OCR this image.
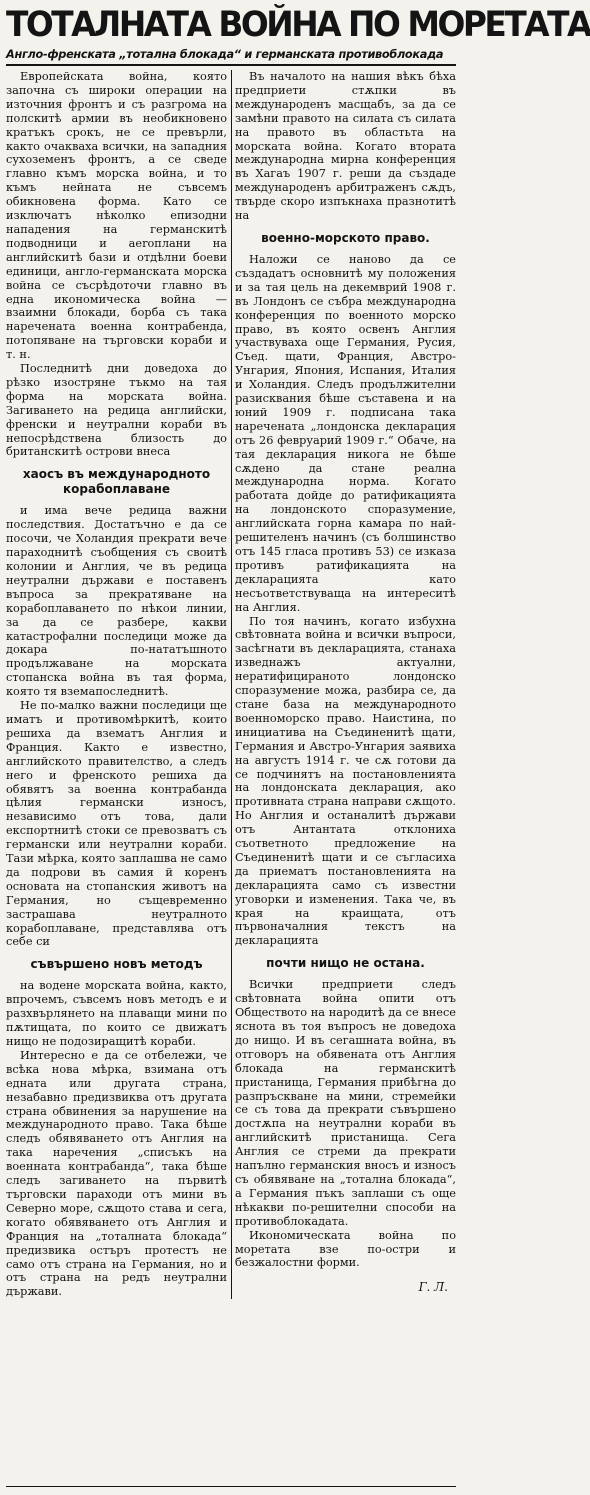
ТОТАЛНАТА ВОЙНА ПО МОРЕТАТА
Англо-френската „тотална блокада“ и германската противоблокада

Европейската война, която започна съ широки операции на източния фронтъ и съ разгрома на полскитѣ армии въ необикновено кратъкъ срокъ, не се превърли, както очакваха всички, на западния сухоземенъ фронтъ, а се сведе главно къмъ морска война, и то къмъ нейната не съвсемъ обикновена форма. Като се изключатъ нѣколко епизодни нападения на германскитѣ подводници и аеroплани на английскитѣ бази и отдѣлни боеви единици, англо-германската морска война се съсрѣдоточи главно въ една икономическа война — взаимни блокади, борба съ така наречената военна контрабенда, потопяване на търговски кораби и т. н.

Последнитѣ дни доведоха до рѣзко изостряне тъкмо на тая форма на морската война. Загиването на редица английски, френски и неутрални кораби въ непосрѣдствена близость до британскитѣ острови внеса

хаосъ въ международното корабоплаване

и има вече редица важни последствия. Достатъчно е да се посочи, че Холандия прекрати вече параходнитѣ съобщения съ своитѣ колонии и Англия, че въ редица неутрални държави е поставенъ въпроса за прекратяване на корабоплаването по нѣкои линии, за да се разбере, какви катастрофални последици може да докара по-нататъшното продължаване на морската стопанска война въ тая форма, която тя вземапоследнитѣ.

Не по-малко важни последици ще иматъ и противомѣркитѣ, които решиха да взематъ Англия и Франция. Както е известно, английското правителство, а следъ него и френското решиха да обявятъ за военна контрабанда цѣлия германски износъ, независимо отъ това, дали експортнитѣ стоки се превозватъ съ германски или неутрални кораби. Тази мѣрка, която заплашва не само да подрови въ самия й коренъ основата на стопанския животъ на Германия, но същевременно застрашава неутралното корабоплаване, представлява отъ себе си

съвършено новъ методъ

на водене морската война, както, впрочемъ, съвсемъ новъ методъ е и разхвърлянето на плаващи мини по пѫтищата, по които се движатъ нищо не подозиращитѣ кораби.

Интересно е да се отбележи, че всѣка нова мѣрка, взимана отъ едната или другата страна, незабавно предизвиква отъ другата страна обвинения за нарушение на международното право. Така бѣше следъ обявяването отъ Англия на така наречения „списъкъ на военната контрабанда“, така бѣше следъ загиването на първитѣ търговски параходи отъ мини въ Северно море, сѫщото става и сега, когато обявяването отъ Англия и Франция на „тоталната блокада“ предизвика остъръ протестъ не само отъ страна на Германия, но и отъ страна на редъ неутрални държави.

Въ началото на нашия вѣкъ бѣха предприети стѫпки въ международенъ масщабъ, за да се замѣни правото на силата съ силата на правото въ областьта на морската война. Когато втората международна мирна конференция въ Хагаъ 1907 г. реши да създаде международенъ арбитраженъ сѫдъ, твърде скоро изпъкнаха празнотитѣ на

военно-морското право.

Наложи се наново да се създадатъ основнитѣ му положения и за тая цель на декемврий 1908 г. въ Лондонъ се събра международна конференция по военното морско право, въ която освенъ Англия участвуваха още Германия, Русия, Съед. щати, Франция, Австро-Унгария, Япония, Испания, Италия и Холандия. Следъ продължителни разисквания бѣше съставена и на юний 1909 г. подписана така наречената „лондонска декларация отъ 26 февруарий 1909 г.“ Обаче, на тая декларация никога не бѣше сѫдено да стане реална международна норма. Когато работата дойде до ратификацията на лондонското споразумение, английската горна камара по най-решителенъ начинъ (съ болшинство отъ 145 гласа противъ 53) се изказа противъ ратификацията на декларацията като несъответствуваща на интереситѣ на Англия.

По тоя начинъ, когато избухна свѣтовната война и всички въпроси, засѣгнати въ декларацията, станаха изведнажъ актуални, нератифицираното лондонско споразумение можа, разбира се, да стане база на международното военноморско право. Наистина, по инициатива на Съединенитѣ щати, Германия и Австро-Унгария заявиха на августъ 1914 г. че сѫ готови да се подчинятъ на постановленията на лондонската декларация, ако противната страна направи сѫщото. Но Англия и останалитѣ държави отъ Антантата отклониха съответното предложение на Съединенитѣ щати и се съгласиха да приематъ постановленията на декларацията само съ известни уговорки и изменения. Така че, въ края на краищата, отъ първоначалния текстъ на декларацията

почти нищо не остана.

Всички предприети следъ свѣтовната война опити отъ Обществото на народитѣ да се внесе яснота въ тоя въпросъ не доведоха до нищо. И въ сегашната война, въ отговоръ на обявената отъ Англия блокада на германскитѣ пристанища, Германия прибѣгна до разпръскване на мини, стремейки се съ това да прекрати съвършено достѫпа на неутрални кораби въ английскитѣ пристанища. Сега Англия се стреми да прекрати напълно германския вносъ и износъ съ обявяване на „тотална блокада“, а Германия пъкъ заплаши съ още нѣкакви по-решителни способи на противоблокадата.

Икономическата война по моретата взе по-остри и безжалостни форми.

Г. Л.
